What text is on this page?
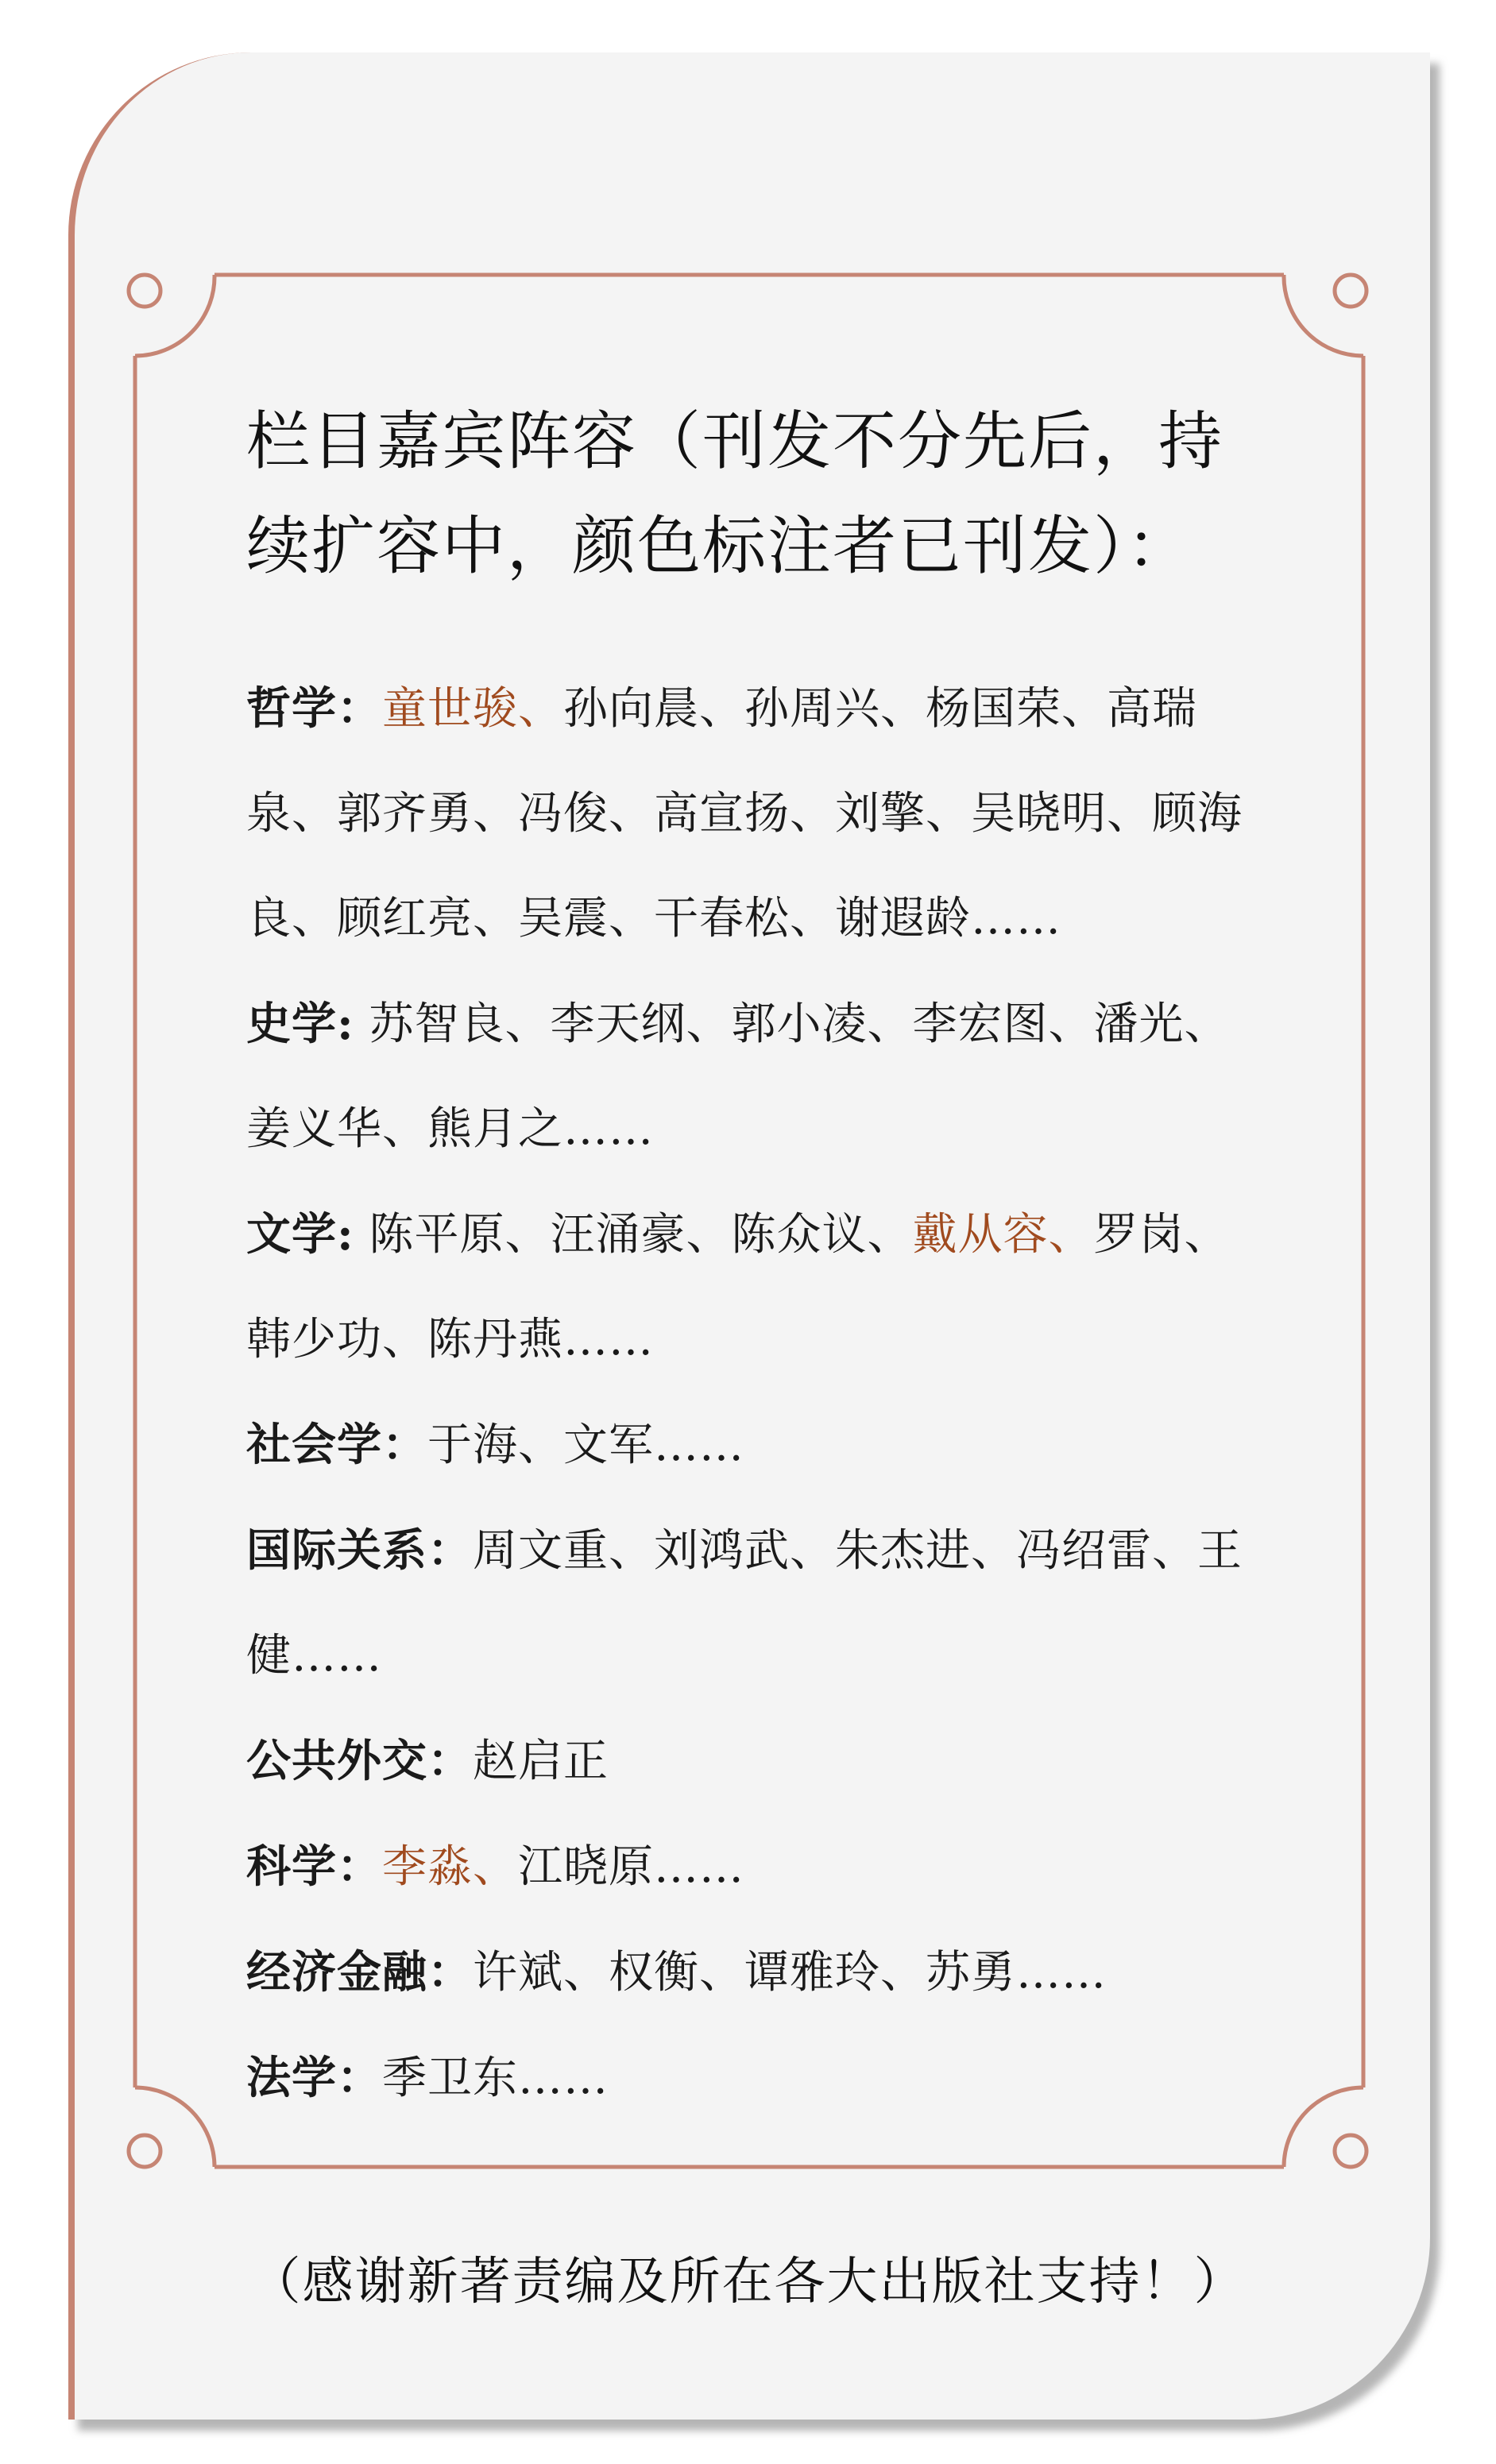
栏目嘉宾阵容（刊发不分先后，持续扩容中，颜色标注者已刊发）：
哲学：童世骏、孙向晨、孙周兴、杨国荣、高瑞泉、郭齐勇、冯俊、高宣扬、刘擎、吴晓明、顾海良、顾红亮、吴震、干春松、谢遐龄……
史学: 苏智良、李天纲、郭小凌、李宏图、潘光、姜义华、熊月之……
文学: 陈平原、汪涌豪、陈众议、戴从容、罗岗、韩少功、陈丹燕……
社会学：于海、文军……
国际关系：周文重、刘鸿武、朱杰进、冯绍雷、王健……
公共外交：赵启正
科学：李淼、江晓原……
经济金融：许斌、权衡、谭雅玲、苏勇……
法学：季卫东……

（感谢新著责编及所在各大出版社支持！）
